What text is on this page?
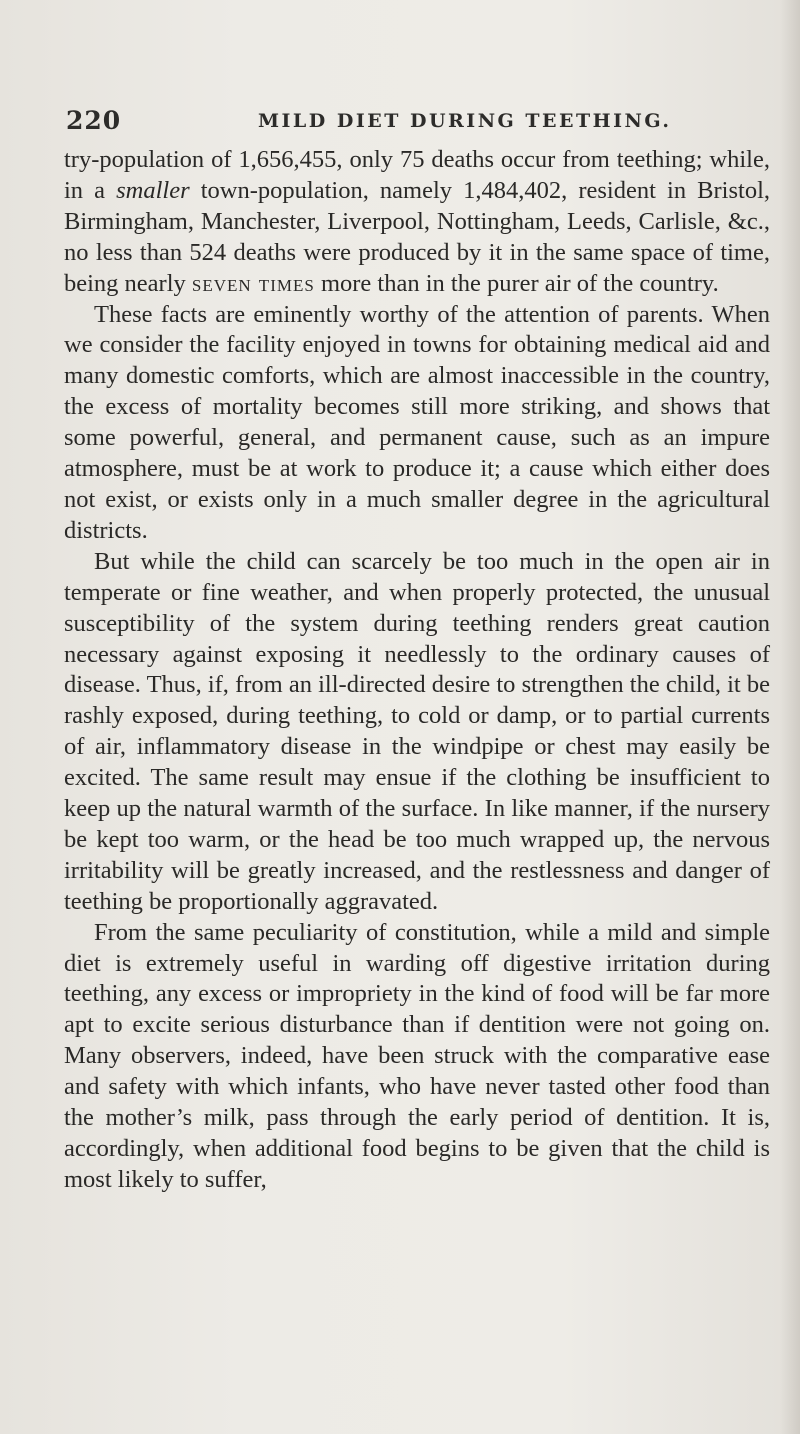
220	MILD DIET DURING TEETHING.

try-population of 1,656,455, only 75 deaths occur from teething; while, in a smaller town-population, namely 1,484,402, resident in Bristol, Birmingham, Manchester, Liverpool, Nottingham, Leeds, Carlisle, &c., no less than 524 deaths were produced by it in the same space of time, being nearly seven times more than in the purer air of the country.

These facts are eminently worthy of the attention of parents. When we consider the facility enjoyed in towns for obtaining medical aid and many domestic comforts, which are almost inaccessible in the country, the excess of mortality becomes still more striking, and shows that some powerful, general, and permanent cause, such as an impure atmosphere, must be at work to produce it; a cause which either does not exist, or exists only in a much smaller degree in the agricultural districts.

But while the child can scarcely be too much in the open air in temperate or fine weather, and when properly protected, the unusual susceptibility of the system during teething renders great caution necessary against exposing it needlessly to the ordinary causes of disease. Thus, if, from an ill-directed desire to strengthen the child, it be rashly exposed, during teething, to cold or damp, or to partial currents of air, inflammatory disease in the windpipe or chest may easily be excited. The same result may ensue if the clothing be insufficient to keep up the natural warmth of the surface. In like manner, if the nursery be kept too warm, or the head be too much wrapped up, the nervous irritability will be greatly increased, and the restlessness and danger of teething be proportionally aggravated.

From the same peculiarity of constitution, while a mild and simple diet is extremely useful in warding off digestive irritation during teething, any excess or impropriety in the kind of food will be far more apt to excite serious disturbance than if dentition were not going on. Many observers, indeed, have been struck with the comparative ease and safety with which infants, who have never tasted other food than the mother’s milk, pass through the early period of dentition. It is, accordingly, when additional food begins to be given that the child is most likely to suffer,
